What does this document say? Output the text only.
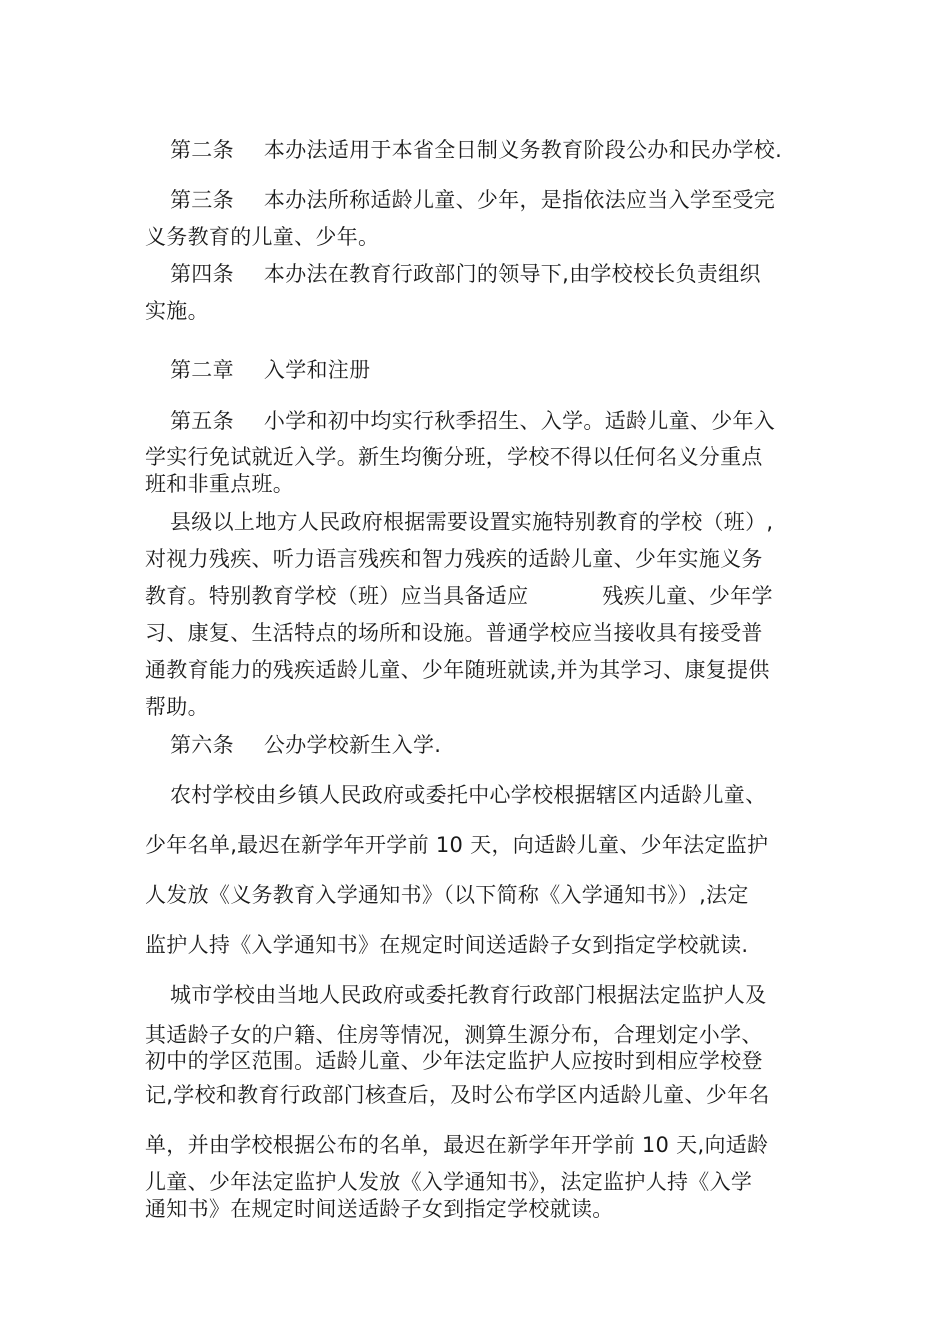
第二条 本办法适用于本省全日制义务教育阶段公办和民办学校.
第三条 本办法所称适龄儿童、少年，是指依法应当入学至受完
义务教育的儿童、少年。
第四条 本办法在教育行政部门的领导下,由学校校长负责组织
实施。
第二章 入学和注册
第五条 小学和初中均实行秋季招生、入学。适龄儿童、少年入
学实行免试就近入学。新生均衡分班，学校不得以任何名义分重点
班和非重点班。
县级以上地方人民政府根据需要设置实施特别教育的学校（班）,
对视力残疾、听力语言残疾和智力残疾的适龄儿童、少年实施义务
教育。特别教育学校（班）应当具备适应	残疾儿童、少年学
习、康复、生活特点的场所和设施。普通学校应当接收具有接受普
通教育能力的残疾适龄儿童、少年随班就读,并为其学习、康复提供
帮助。
第六条 公办学校新生入学.
农村学校由乡镇人民政府或委托中心学校根据辖区内适龄儿童、
少年名单,最迟在新学年开学前 10 天，向适龄儿童、少年法定监护
人发放《义务教育入学通知书》（以下简称《入学通知书》）,法定
监护人持《入学通知书》在规定时间送适龄子女到指定学校就读.
城市学校由当地人民政府或委托教育行政部门根据法定监护人及
其适龄子女的户籍、住房等情况，测算生源分布，合理划定小学、
初中的学区范围。适龄儿童、少年法定监护人应按时到相应学校登
记,学校和教育行政部门核查后，及时公布学区内适龄儿童、少年名
单，并由学校根据公布的名单，最迟在新学年开学前 10 天,向适龄
儿童、少年法定监护人发放《入学通知书》，法定监护人持《入学
通知书》在规定时间送适龄子女到指定学校就读。
